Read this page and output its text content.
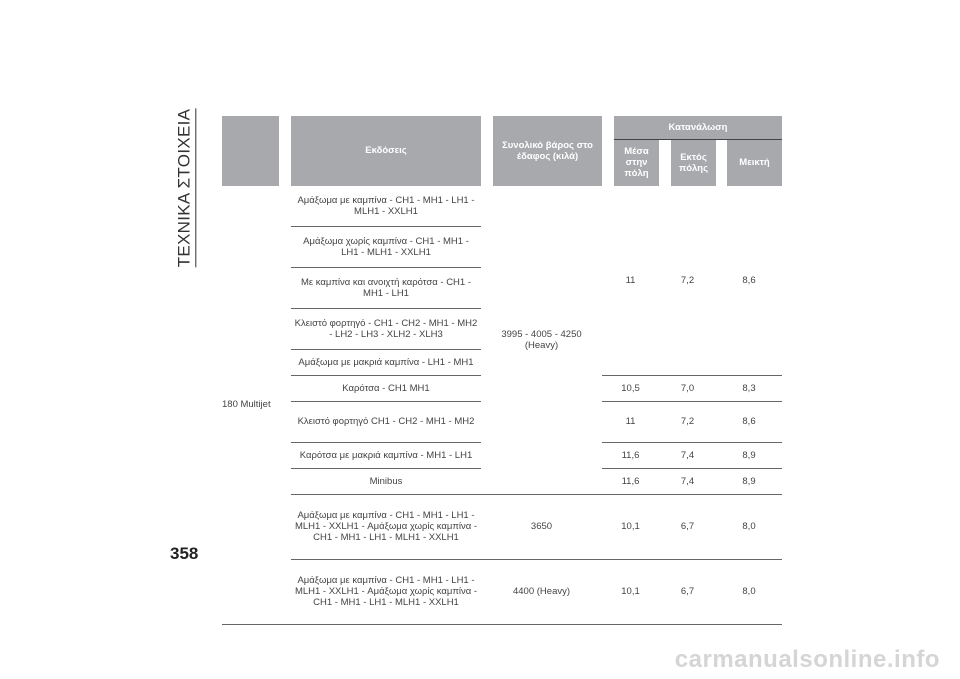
ΤΕΧΝΙΚΑ ΣΤΟΙΧΕΙΑ
			Εκδόσεις		Συνολικό βάρος στο έδαφος (κιλά)		Κατανάλωση				
						Μέσα στην πόλη		Εκτός πόλης		Μεικτή
180 Multijet		Αμάξωμα με καμπίνα - CH1 - MH1 - LH1 - MLH1 - XXLH1	3995 - 4005 - 4250 (Heavy)		11		7,2		8,6	
		Αμάξωμα χωρίς καμπίνα - CH1 - MH1 - LH1 - MLH1 - XXLH1								
		Με καμπίνα και ανοιχτή καρότσα - CH1 - MH1 - LH1								
		Κλειστό φορτηγό - CH1 - CH2 - MH1 - MH2 - LH2 - LH3 - XLH2 - XLH3								
		Αμάξωμα με μακριά καμπίνα - LH1 - MH1								
		Καρότσα - CH1 MH1			10,5		7,0		8,3	
		Κλειστό φορτηγό CH1 - CH2 - MH1 - MH2			11		7,2		8,6	
		Καρότσα με μακριά καμπίνα - MH1 - LH1			11,6		7,4		8,9	
		Minibus			11,6		7,4		8,9	
		Αμάξωμα με καμπίνα - CH1 - MH1 - LH1 - MLH1 - XXLH1 - Αμάξωμα χωρίς καμπίνα - CH1 - MH1 - LH1 - MLH1 - XXLH1	3650		10,1		6,7		8,0	
		Αμάξωμα με καμπίνα - CH1 - MH1 - LH1 - MLH1 - XXLH1 - Αμάξωμα χωρίς καμπίνα - CH1 - MH1 - LH1 - MLH1 - XXLH1	4400 (Heavy)		10,1		6,7		8,0	
358
carmanualsonline.info
